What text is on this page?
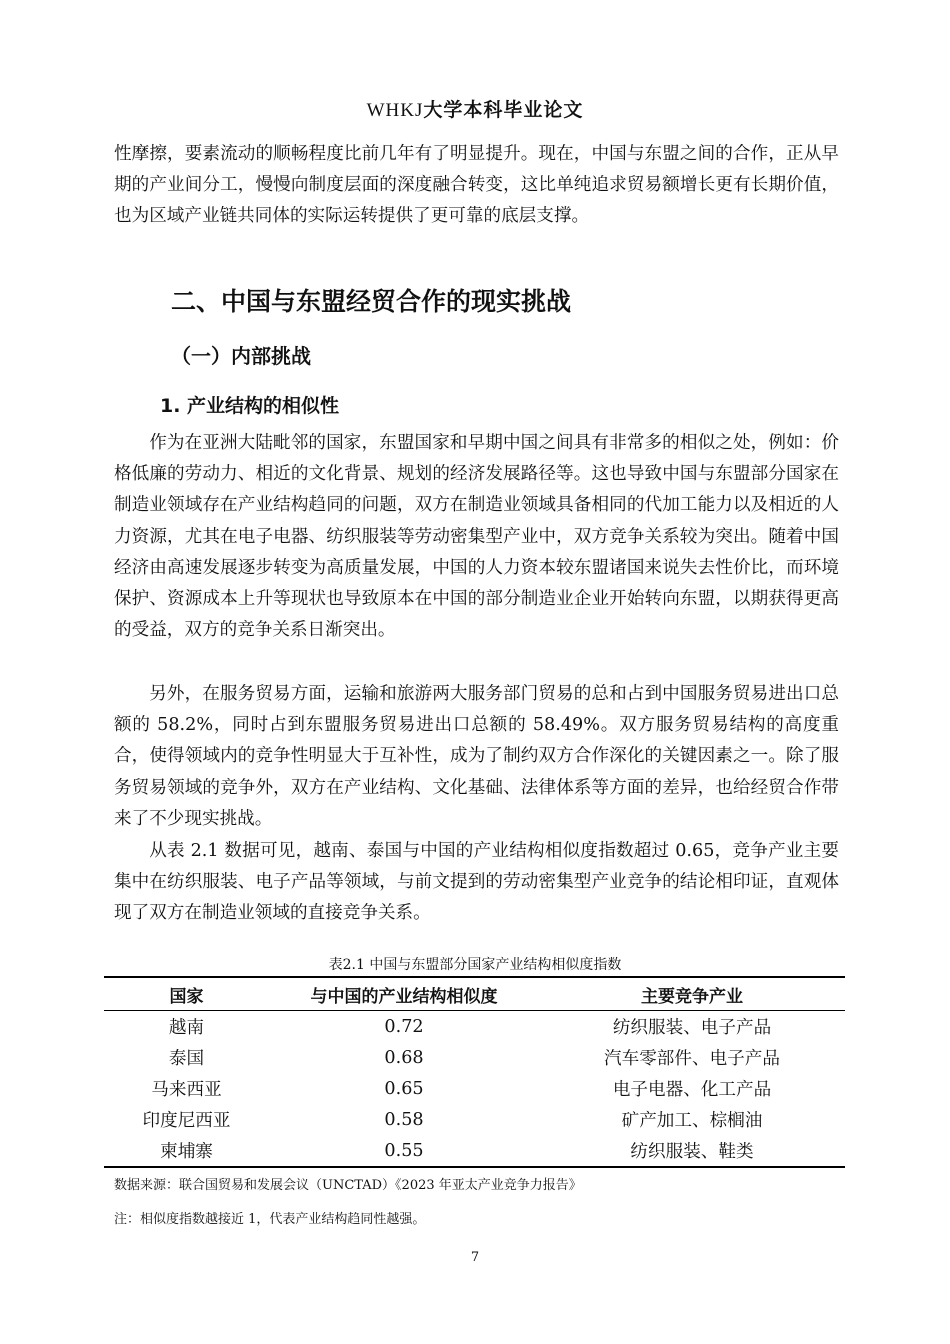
WHKJ大学本科毕业论文

性摩擦，要素流动的顺畅程度比前几年有了明显提升。现在，中国与东盟之间的合作，正从早期的产业间分工，慢慢向制度层面的深度融合转变，这比单纯追求贸易额增长更有长期价值，也为区域产业链共同体的实际运转提供了更可靠的底层支撑。

二、中国与东盟经贸合作的现实挑战
（一）内部挑战
1. 产业结构的相似性

作为在亚洲大陆毗邻的国家，东盟国家和早期中国之间具有非常多的相似之处，例如：价格低廉的劳动力、相近的文化背景、规划的经济发展路径等。这也导致中国与东盟部分国家在制造业领域存在产业结构趋同的问题，双方在制造业领域具备相同的代加工能力以及相近的人力资源，尤其在电子电器、纺织服装等劳动密集型产业中，双方竞争关系较为突出。随着中国经济由高速发展逐步转变为高质量发展，中国的人力资本较东盟诸国来说失去性价比，而环境保护、资源成本上升等现状也导致原本在中国的部分制造业企业开始转向东盟，以期获得更高的受益，双方的竞争关系日渐突出。

另外，在服务贸易方面，运输和旅游两大服务部门贸易的总和占到中国服务贸易进出口总额的 58.2%，同时占到东盟服务贸易进出口总额的 58.49%。双方服务贸易结构的高度重合，使得领域内的竞争性明显大于互补性，成为了制约双方合作深化的关键因素之一。除了服务贸易领域的竞争外，双方在产业结构、文化基础、法律体系等方面的差异，也给经贸合作带来了不少现实挑战。

从表 2.1 数据可见，越南、泰国与中国的产业结构相似度指数超过 0.65，竞争产业主要集中在纺织服装、电子产品等领域，与前文提到的劳动密集型产业竞争的结论相印证，直观体现了双方在制造业领域的直接竞争关系。

表2.1 中国与东盟部分国家产业结构相似度指数
国家	与中国的产业结构相似度	主要竞争产业
越南	0.72	纺织服装、电子产品
泰国	0.68	汽车零部件、电子产品
马来西亚	0.65	电子电器、化工产品
印度尼西亚	0.58	矿产加工、棕榈油
柬埔寨	0.55	纺织服装、鞋类
数据来源：联合国贸易和发展会议（UNCTAD）《2023 年亚太产业竞争力报告》
注：相似度指数越接近 1，代表产业结构趋同性越强。
7
